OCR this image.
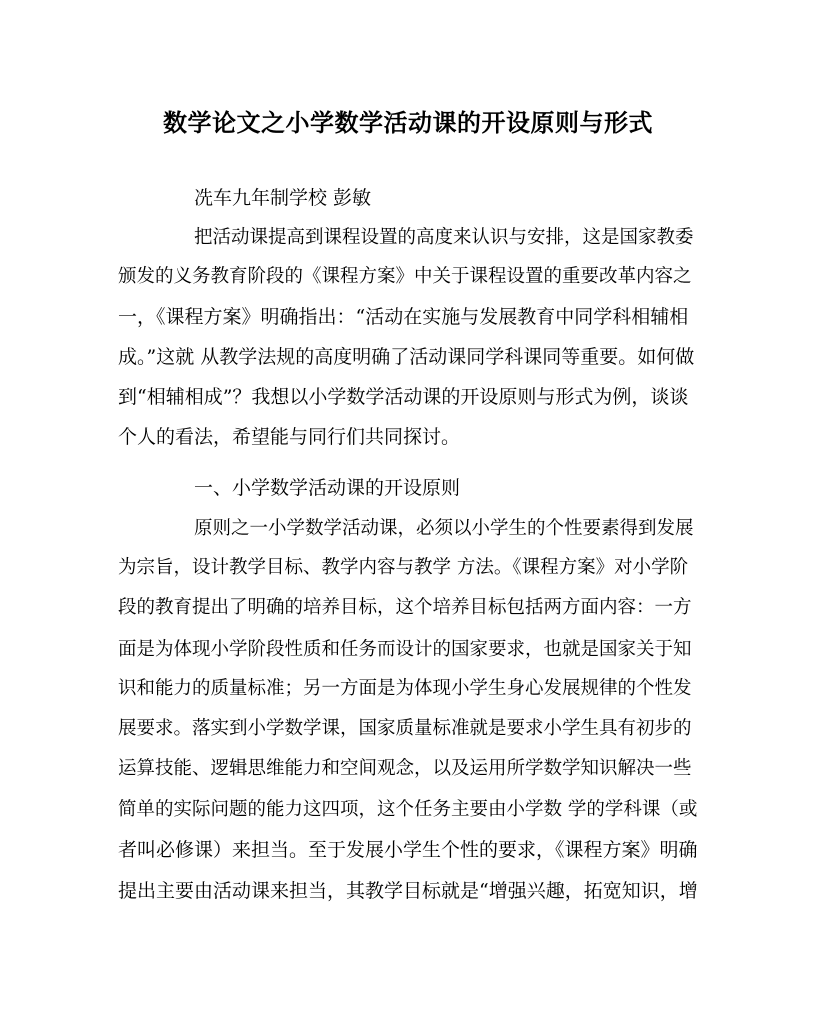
数学论文之小学数学活动课的开设原则与形式

冼车九年制学校 彭敏

把活动课提高到课程设置的高度来认识与安排，这是国家教委

颁发的义务教育阶段的《课程方案》中关于课程设置的重要改革内容之

一，《课程方案》明确指出：“活动在实施与发展教育中同学科相辅相

成。”这就 从教学法规的高度明确了活动课同学科课同等重要。如何做

到“相辅相成”？我想以小学数学活动课的开设原则与形式为例，谈谈

个人的看法，希望能与同行们共同探讨。

一、小学数学活动课的开设原则

原则之一小学数学活动课，必须以小学生的个性要素得到发展

为宗旨，设计教学目标、教学内容与教学 方法。《课程方案》对小学阶

段的教育提出了明确的培养目标，这个培养目标包括两方面内容：一方

面是为体现小学阶段性质和任务而设计的国家要求，也就是国家关于知

识和能力的质量标准；另一方面是为体现小学生身心发展规律的个性发

展要求。落实到小学数学课，国家质量标准就是要求小学生具有初步的

运算技能、逻辑思维能力和空间观念，以及运用所学数学知识解决一些

简单的实际问题的能力这四项，这个任务主要由小学数 学的学科课（或

者叫必修课）来担当。至于发展小学生个性的要求，《课程方案》明确

提出主要由活动课来担当，其教学目标就是“增强兴趣，拓宽知识，增
